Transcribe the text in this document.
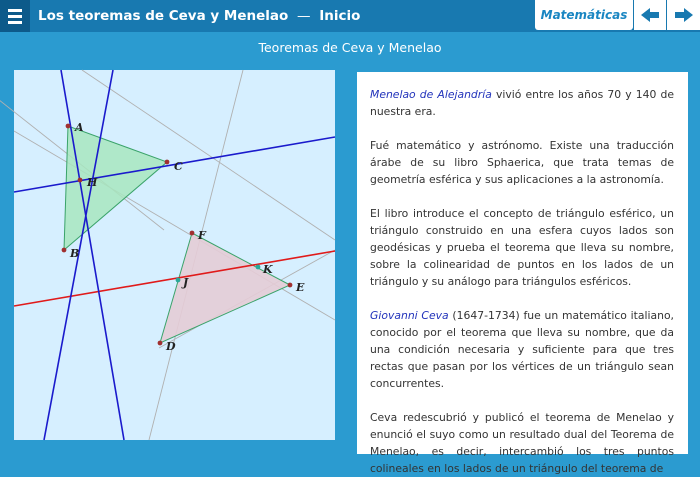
Los teoremas de Ceva y Menelao — Inicio	Matemáticas
Teoremas de Ceva y Menelao
A
B
C
H
F
E
D
J
K

Menelao de Alejandría vivió entre los años 70 y 140 de nuestra era.

Fué matemático y astrónomo. Existe una traducción árabe de su libro Sphaerica, que trata temas de geometría esférica y sus aplicaciones a la astronomía.

El libro introduce el concepto de triángulo esférico, un triángulo construido en una esfera cuyos lados son geodésicas y prueba el teorema que lleva su nombre, sobre la colinearidad de puntos en los lados de un triángulo y su análogo para triángulos esféricos.

Giovanni Ceva (1647-1734) fue un matemático italiano, conocido por el teorema que lleva su nombre, que da una condición necesaria y suficiente para que tres rectas que pasan por los vértices de un triángulo sean concurrentes.

Ceva redescubrió y publicó el teorema de Menelao y enunció el suyo como un resultado dual del Teorema de Menelao, es decir, intercambió los tres puntos colineales en los lados de un triángulo del teorema de
